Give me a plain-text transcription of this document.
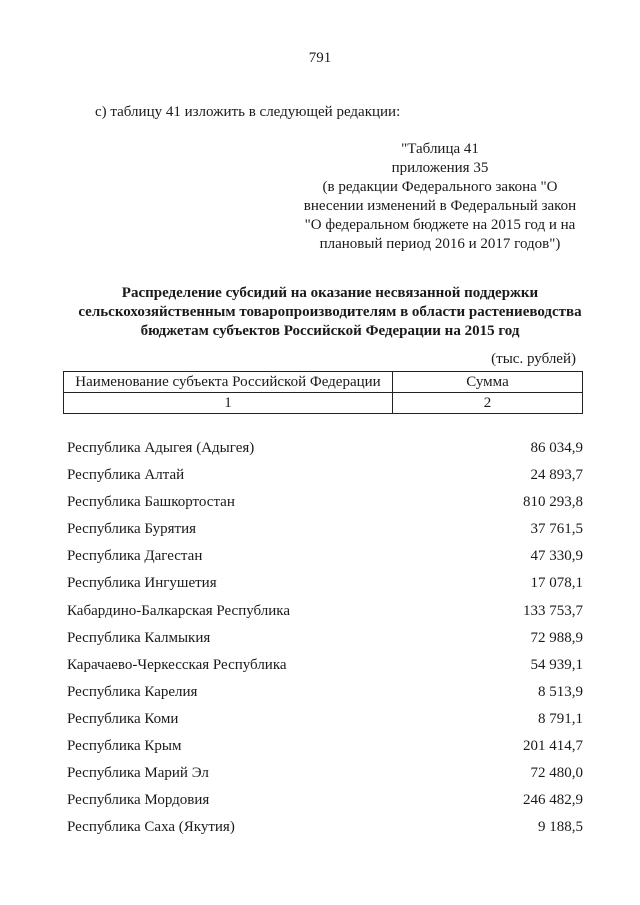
791
c) таблицу 41 изложить в следующей редакции:
"Таблица 41
приложения 35
(в редакции Федерального закона "О
внесении изменений в Федеральный закон
"О федеральном бюджете на 2015 год и на
плановый период 2016 и 2017 годов")
Распределение субсидий на оказание несвязанной поддержки
сельскохозяйственным товаропроизводителям в области растениеводства
бюджетам субъектов Российской Федерации на 2015 год
(тыс. рублей)
Наименование субъекта Российской Федерации	Сумма
1	2
Республика Адыгея (Адыгея)	86 034,9
Республика Алтай	24 893,7
Республика Башкортостан	810 293,8
Республика Бурятия	37 761,5
Республика Дагестан	47 330,9
Республика Ингушетия	17 078,1
Кабардино-Балкарская Республика	133 753,7
Республика Калмыкия	72 988,9
Карачаево-Черкесская Республика	54 939,1
Республика Карелия	8 513,9
Республика Коми	8 791,1
Республика Крым	201 414,7
Республика Марий Эл	72 480,0
Республика Мордовия	246 482,9
Республика Саха (Якутия)	9 188,5
